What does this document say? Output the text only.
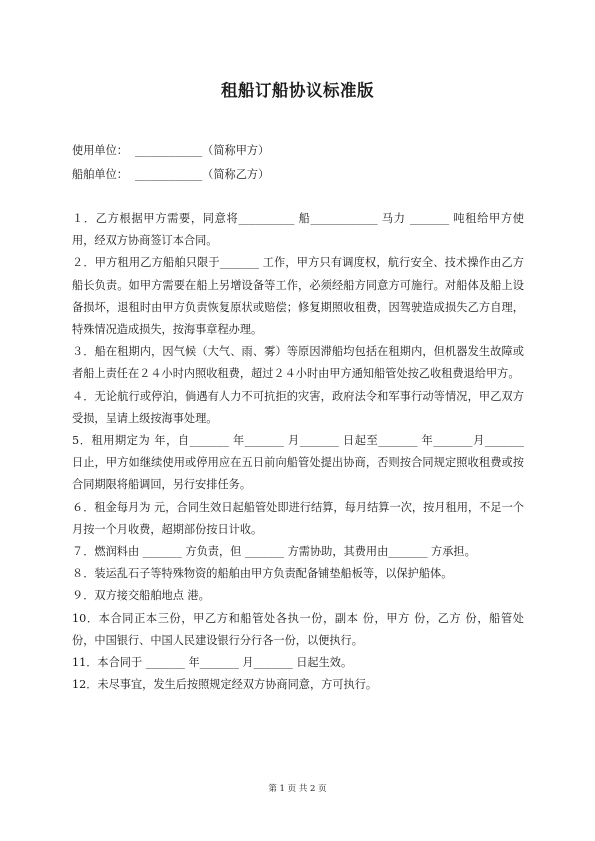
租船订船协议标准版
使用单位：  ____________（简称甲方）
船舶单位：  ____________（简称乙方）

１．乙方根据甲方需要，同意将__________ 船____________ 马力 _______ 吨租给甲方使用，经双方协商签订本合同。

２．甲方租用乙方船舶只限于_______ 工作，甲方只有调度权，航行安全、技术操作由乙方船长负责。如甲方需要在船上另增设备等工作，必须经船方同意方可施行。对船体及船上设备损坏，退租时由甲方负责恢复原状或赔偿；修复期照收租费，因驾驶造成损失乙方自理，特殊情况造成损失，按海事章程办理。

３．船在租期内，因气候（大气、雨、雾）等原因滞船均包括在租期内，但机器发生故障或者船上责任在２４小时内照收租费，超过２４小时由甲方通知船管处按乙收租费退给甲方。

４．无论航行或停泊，倘遇有人力不可抗拒的灾害，政府法令和军事行动等情况，甲乙双方受损，呈请上级按海事处理。

5．租用期定为 年，自_______ 年_______ 月_______ 日起至_______ 年_______月_______ 日止，甲方如继续使用或停用应在五日前向船管处提出协商，否则按合同规定照收租费或按合同期限将船调回，另行安排任务。

６．租金每月为 元，合同生效日起船管处即进行结算，每月结算一次，按月租用，不足一个月按一个月收费，超期部份按日计收。

７．燃润料由 _______ 方负责，但 _______ 方需协助，其费用由_______ 方承担。

８．装运乱石子等特殊物资的船舶由甲方负责配备铺垫船板等，以保护船体。

９．双方接交船舶地点 港。

10．本合同正本三份，甲乙方和船管处各执一份，副本 份，甲方 份，乙方 份，船管处 份，中国银行、中国人民建设银行分行各一份，以便执行。

11．本合同于 _______ 年_______ 月_______ 日起生效。

12．未尽事宜，发生后按照规定经双方协商同意，方可执行。

第 1 页 共 2 页
